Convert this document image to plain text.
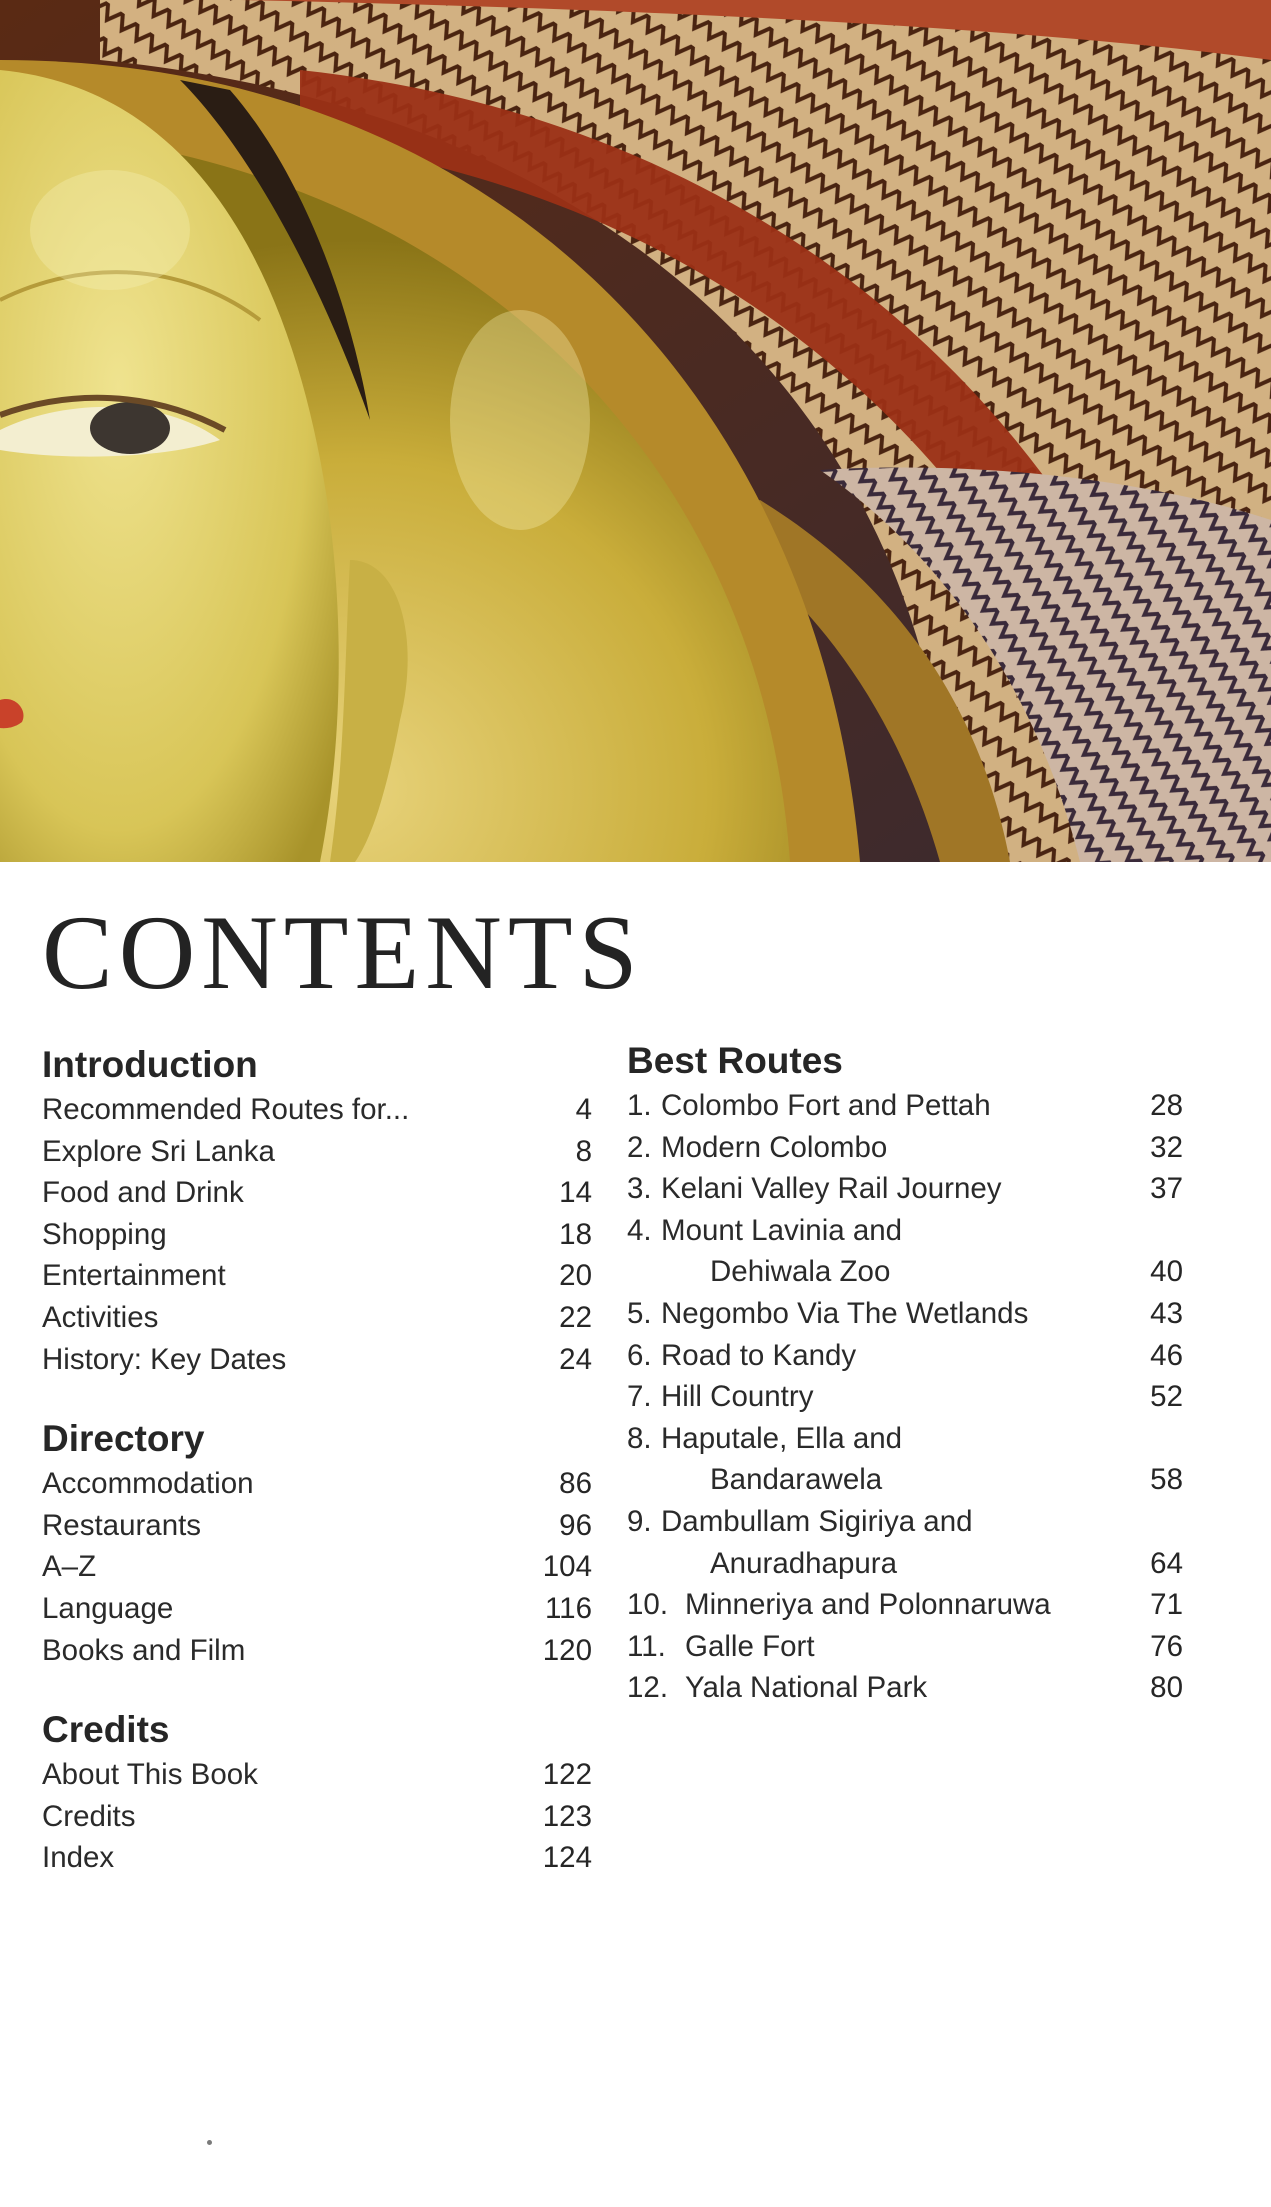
CONTENTS
Introduction
Recommended Routes for...	4
Explore Sri Lanka	8
Food and Drink	14
Shopping	18
Entertainment	20
Activities	22
History: Key Dates	24
Directory
Accommodation	86
Restaurants	96
A–Z	104
Language	116
Books and Film	120
Credits
About This Book	122
Credits	123
Index	124
Best Routes
1. Colombo Fort and Pettah	28
2. Modern Colombo	32
3. Kelani Valley Rail Journey	37
4. Mount Lavinia and
Dehiwala Zoo	40
5. Negombo Via The Wetlands	43
6. Road to Kandy	46
7. Hill Country	52
8. Haputale, Ella and
Bandarawela	58
9. Dambullam Sigiriya and
Anuradhapura	64
10. Minneriya and Polonnaruwa	71
11. Galle Fort	76
12. Yala National Park	80
